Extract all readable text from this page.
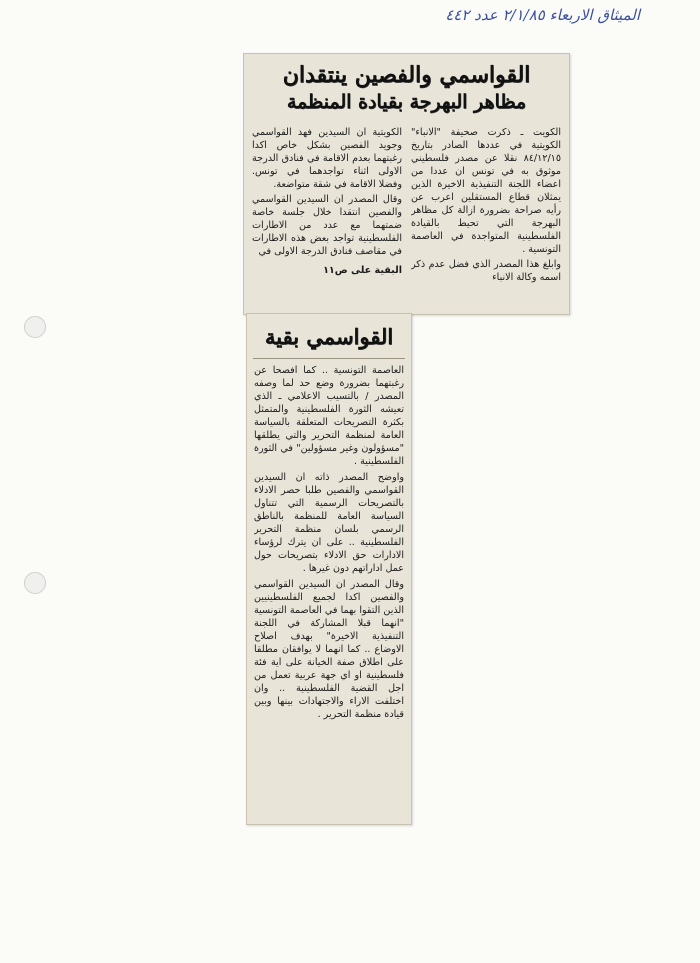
الميثاق الاربعاء ٢/١/٨٥ عدد ٤٤٢
القواسمي والفصين ينتقدان
مظاهر البهرجة بقيادة المنظمة

الكويت ـ ذكرت صحيفة "الانباء" الكويتية في عددها الصادر بتاريخ ٨٤/١٢/١٥ نقلا عن مصدر فلسطيني موثوق به في تونس ان عددا من اعضاء اللجنة التنفيذية الاخيرة الذين يمثلان قطاع المستقلين اعرب عن رأيه صراحة بضرورة ازالة كل مظاهر البهرجة التي تحيط بالقيادة الفلسطينية المتواجدة في العاصمة التونسية .

وابلغ هذا المصدر الذي فضل عدم ذكر اسمه وكالة الانباء

الكويتية ان السيدين فهد القواسمي وجويد الفصين بشكل خاص اكدا رغبتهما بعدم الاقامة في فنادق الدرجة الاولى اثناء تواجدهما في تونس. وفضلا الاقامة في شقة متواضعة.

وقال المصدر ان السيدين القواسمي والفصين انتقدا خلال جلسة خاصة ضمتهما مع عدد من الاطارات الفلسطينية تواجد بعض هذه الاطارات في مقاصف فنادق الدرجة الاولى في

البقية على ص١١

القواسمي بقية

العاصمة التونسية .. كما افصحا عن رغبتهما بضرورة وضع حد لما وصفه المصدر / بالتسيب الاعلامي ـ الذي تعيشه الثورة الفلسطينية والمتمثل بكثرة التصريحات المتعلقة بالسياسة العامة لمنظمة التحرير والتي يطلقها "مسؤولون وغير مسؤولين" في الثورة الفلسطينية .

واوضح المصدر ذاته ان السيدين القواسمي والفصين طلبا حصر الادلاء بالتصريحات الرسمية التي تتناول السياسة العامة للمنظمة بالناطق الرسمي بلسان منظمة التحرير الفلسطينية .. على ان يترك لرؤساء الادارات حق الادلاء بتصريحات حول عمل اداراتهم دون غيرها .

وقال المصدر ان السيدين القواسمي والفصين اكدا لجميع الفلسطينيين الذين التقوا بهما في العاصمة التونسية "انهما قبلا المشاركة في اللجنة التنفيذية الاخيرة" بهدف اصلاح الاوضاع .. كما انهما لا يوافقان مطلقا على اطلاق صفة الخيانة على اية فئة فلسطينية او اي جهة عربية تعمل من اجل القضية الفلسطينية .. وان اختلفت الاراء والاجتهادات بينها وبين قيادة منظمة التحرير .
